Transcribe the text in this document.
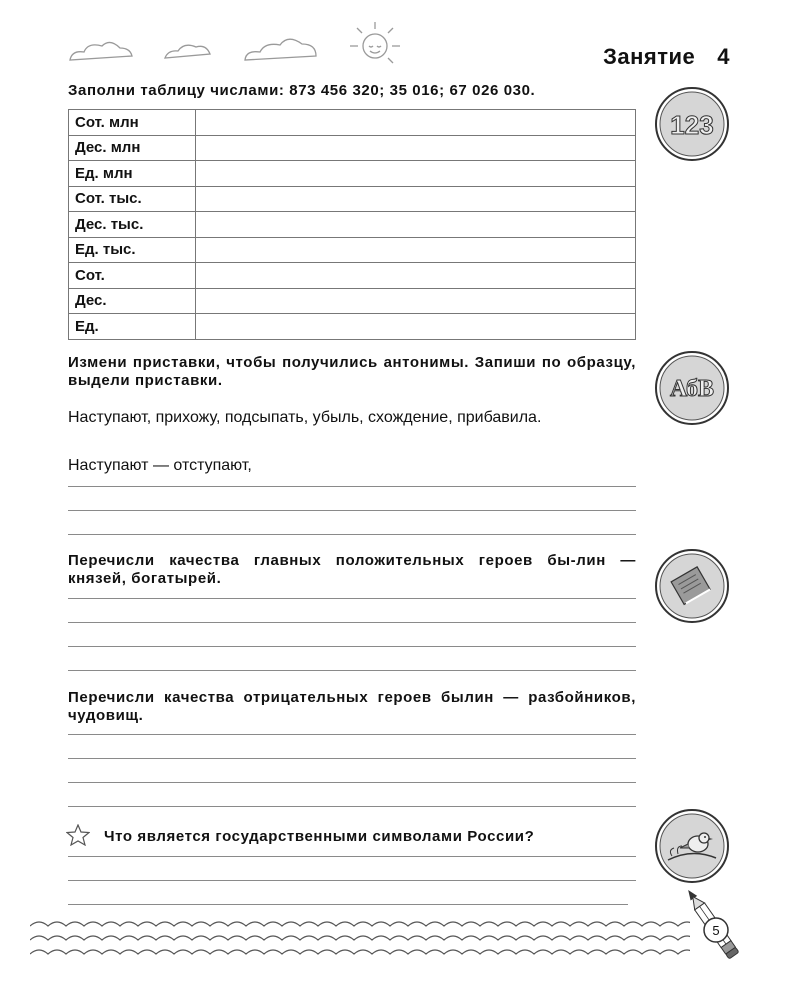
Занятие 4
Заполни таблицу числами: 873 456 320; 35 016; 67 026 030.
Сот. млн	
Дес. млн	
Ед. млн	
Сот. тыс.	
Дес. тыс.	
Ед. тыс.	
Сот.	
Дес.	
Ед.	
123
Измени приставки, чтобы получились антонимы. Запиши по образцу, выдели приставки.
Наступают, прихожу, подсыпать, убыль, схождение, прибавила.
Наступают — отступают,
АбВ
Перечисли качества главных положительных героев бы-лин — князей, богатырей.
Перечисли качества отрицательных героев былин — разбойников, чудовищ.
Что является государственными символами России?
5
